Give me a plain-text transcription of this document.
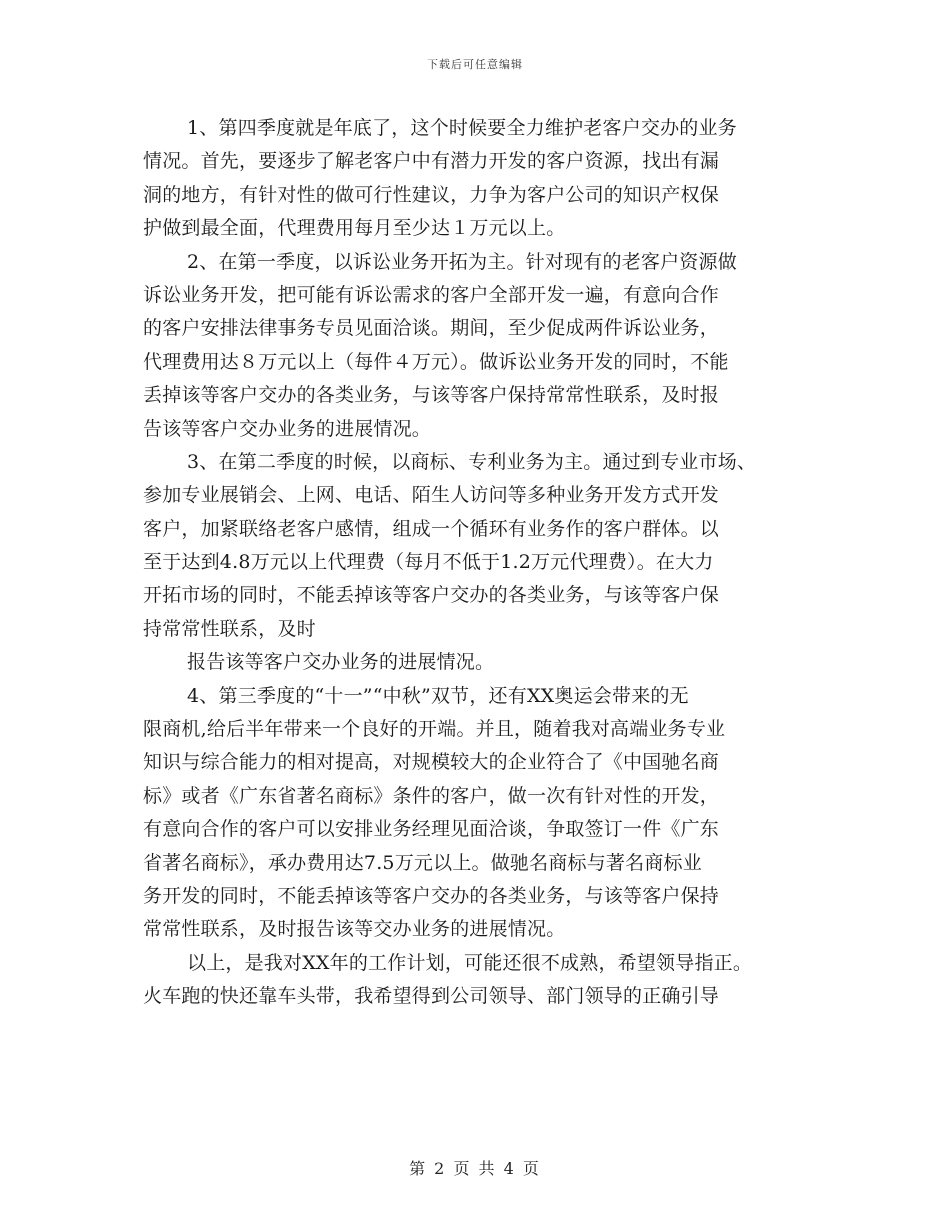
下载后可任意编辑
1、第四季度就是年底了，这个时候要全力维护老客户交办的业务
情况。首先，要逐步了解老客户中有潜力开发的客户资源，找出有漏
洞的地方，有针对性的做可行性建议，力争为客户公司的知识产权保
护做到最全面，代理费用每月至少达１万元以上。
2、在第一季度，以诉讼业务开拓为主。针对现有的老客户资源做
诉讼业务开发，把可能有诉讼需求的客户全部开发一遍，有意向合作
的客户安排法律事务专员见面洽谈。期间，至少促成两件诉讼业务，
代理费用达８万元以上（每件４万元）。做诉讼业务开发的同时，不能
丢掉该等客户交办的各类业务，与该等客户保持常常性联系，及时报
告该等客户交办业务的进展情况。
3、在第二季度的时候，以商标、专利业务为主。通过到专业市场、
参加专业展销会、上网、电话、陌生人访问等多种业务开发方式开发
客户，加紧联络老客户感情，组成一个循环有业务作的客户群体。以
至于达到4.8万元以上代理费（每月不低于1.2万元代理费）。在大力
开拓市场的同时，不能丢掉该等客户交办的各类业务，与该等客户保
持常常性联系，及时
报告该等客户交办业务的进展情况。
4、第三季度的“十一”“中秋”双节，还有XX奥运会带来的无
限商机,给后半年带来一个良好的开端。并且，随着我对高端业务专业
知识与综合能力的相对提高，对规模较大的企业符合了《中国驰名商
标》或者《广东省著名商标》条件的客户，做一次有针对性的开发，
有意向合作的客户可以安排业务经理见面洽谈，争取签订一件《广东
省著名商标》，承办费用达7.5万元以上。做驰名商标与著名商标业
务开发的同时，不能丢掉该等客户交办的各类业务，与该等客户保持
常常性联系，及时报告该等交办业务的进展情况。
以上，是我对XX年的工作计划，可能还很不成熟，希望领导指正。
火车跑的快还靠车头带，我希望得到公司领导、部门领导的正确引导
第 2 页 共 4 页
